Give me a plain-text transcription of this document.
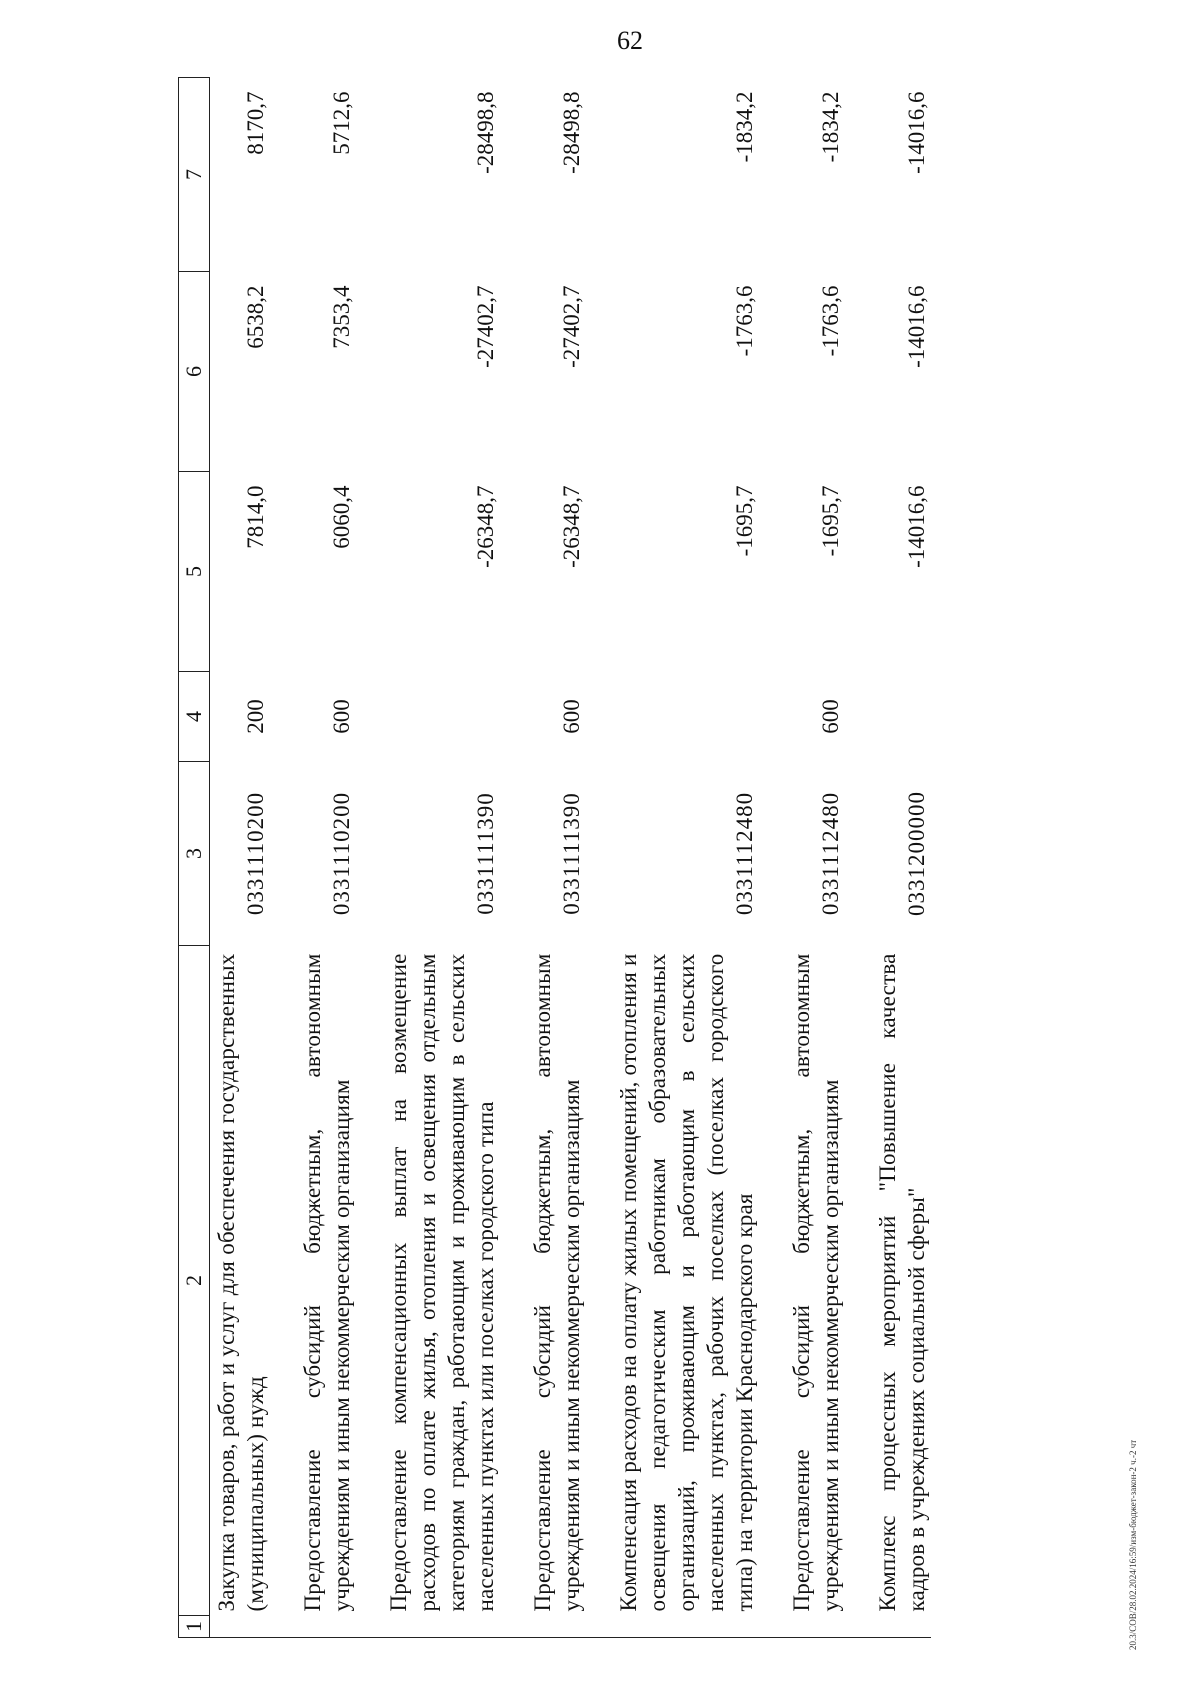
62
1	2	3	4	5	6	7
	Закупка товаров, работ и услуг для обеспечения государственных (муниципальных) нужд	0331110200	200	7814,0	6538,2	8170,7
	Предоставление субсидий бюджетным, автономным учреждениям и иным некоммерческим организациям	0331110200	600	6060,4	7353,4	5712,6
	Предоставление компенсационных выплат на возмещение расходов по оплате жилья, отопления и освещения отдельным категориям граждан, работающим и проживающим в сельских населенных пунктах или поселках городского типа	0331111390		-26348,7	-27402,7	-28498,8
	Предоставление субсидий бюджетным, автономным учреждениям и иным некоммерческим организациям	0331111390	600	-26348,7	-27402,7	-28498,8
	Компенсация расходов на оплату жилых помещений, отопления и освещения педагогическим работникам образовательных организаций, проживающим и работающим в сельских населенных пунктах, рабочих поселках (поселках городского типа) на территории Краснодарского края	0331112480		-1695,7	-1763,6	-1834,2
	Предоставление субсидий бюджетным, автономным учреждениям и иным некоммерческим организациям	0331112480	600	-1695,7	-1763,6	-1834,2
	Комплекс процессных мероприятий "Повышение качества кадров в учреждениях социальной сферы"	0331200000		-14016,6	-14016,6	-14016,6
20.3/СОВ/28.02.2024/16:59/изм-бюджет-закон-2 ч.-2 чт
